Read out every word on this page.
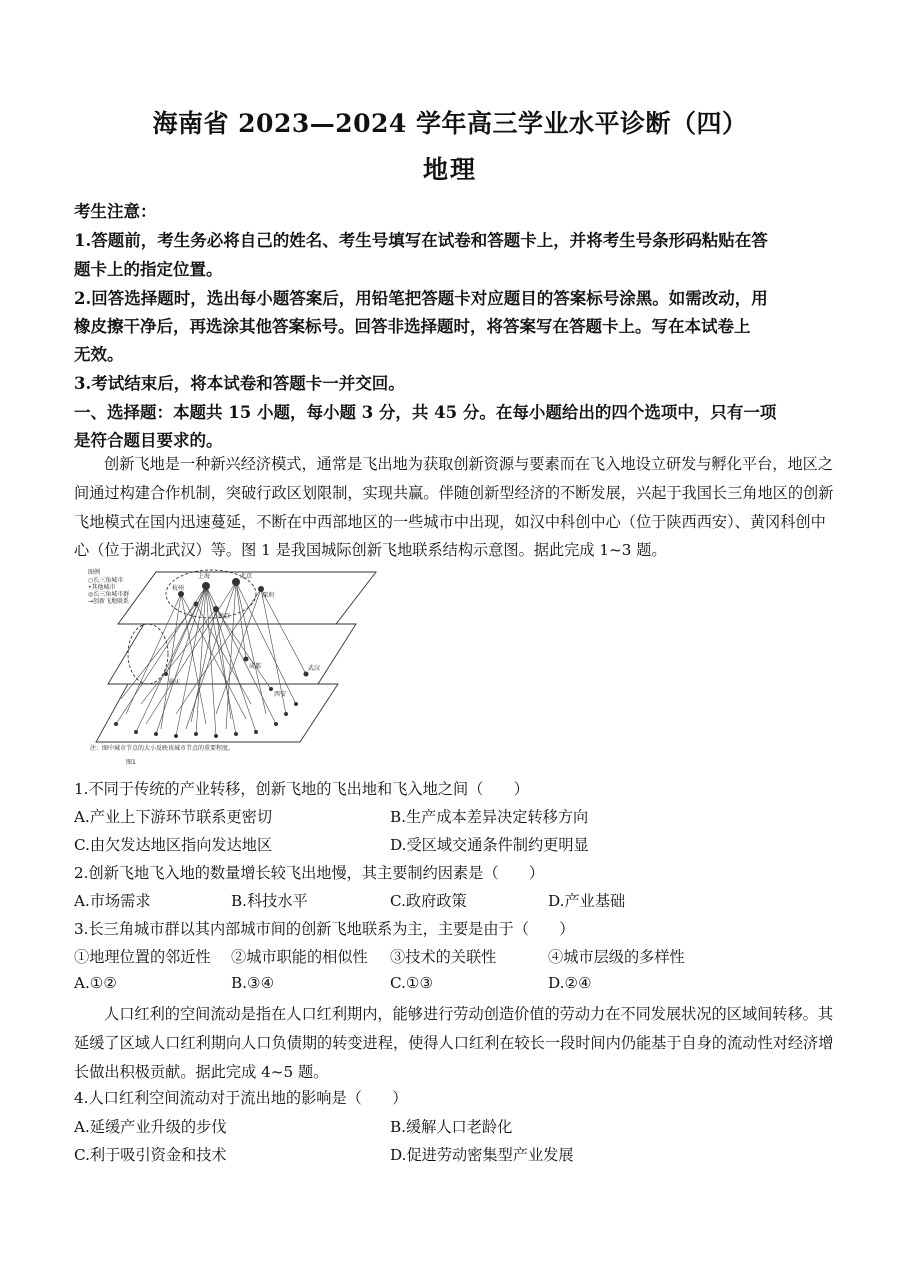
海南省 2023—2024 学年高三学业水平诊断（四）
地理
考生注意：
1.答题前，考生务必将自己的姓名、考生号填写在试卷和答题卡上，并将考生号条形码粘贴在答
题卡上的指定位置。
2.回答选择题时，选出每小题答案后，用铅笔把答题卡对应题目的答案标号涂黑。如需改动，用
橡皮擦干净后，再选涂其他答案标号。回答非选择题时，将答案写在答题卡上。写在本试卷上
无效。
3.考试结束后，将本试卷和答题卡一并交回。
一、选择题：本题共 15 小题，每小题 3 分，共 45 分。在每小题给出的四个选项中，只有一项
是符合题目要求的。
创新飞地是一种新兴经济模式，通常是飞出地为获取创新资源与要素而在飞入地设立研发与孵化平台，地区之间通过构建合作机制，突破行政区划限制，实现共赢。伴随创新型经济的不断发展，兴起于我国长三角地区的创新飞地模式在国内迅速蔓延，不断在中西部地区的一些城市中出现，如汉中科创中心（位于陕西西安）、黄冈科创中心（位于湖北武汉）等。图 1 是我国城际创新飞地联系结构示意图。据此完成 1~3 题。
图例
○长三角城市
•其他城市
◎长三角城市群
→创新飞地联系
上海	北京
杭州
深圳
南京
武汉
成都
西安
重庆
注：图中城市节点的大小反映该城市节点的重要程度。
图1
1.不同于传统的产业转移，创新飞地的飞出地和飞入地之间（　　）
A.产业上下游环节联系更密切	B.生产成本差异决定转移方向
C.由欠发达地区指向发达地区	D.受区域交通条件制约更明显
2.创新飞地飞入地的数量增长较飞出地慢，其主要制约因素是（　　）
A.市场需求	B.科技水平	C.政府政策	D.产业基础
3.长三角城市群以其内部城市间的创新飞地联系为主，主要是由于（　　）
①地理位置的邻近性 ②城市职能的相似性 ③技术的关联性	④城市层级的多样性
A.①②	B.③④	C.①③	D.②④
人口红利的空间流动是指在人口红利期内，能够进行劳动创造价值的劳动力在不同发展状况的区域间转移。其延缓了区域人口红利期向人口负债期的转变进程，使得人口红利在较长一段时间内仍能基于自身的流动性对经济增长做出积极贡献。据此完成 4~5 题。
4.人口红利空间流动对于流出地的影响是（　　）
A.延缓产业升级的步伐	B.缓解人口老龄化
C.利于吸引资金和技术	D.促进劳动密集型产业发展
